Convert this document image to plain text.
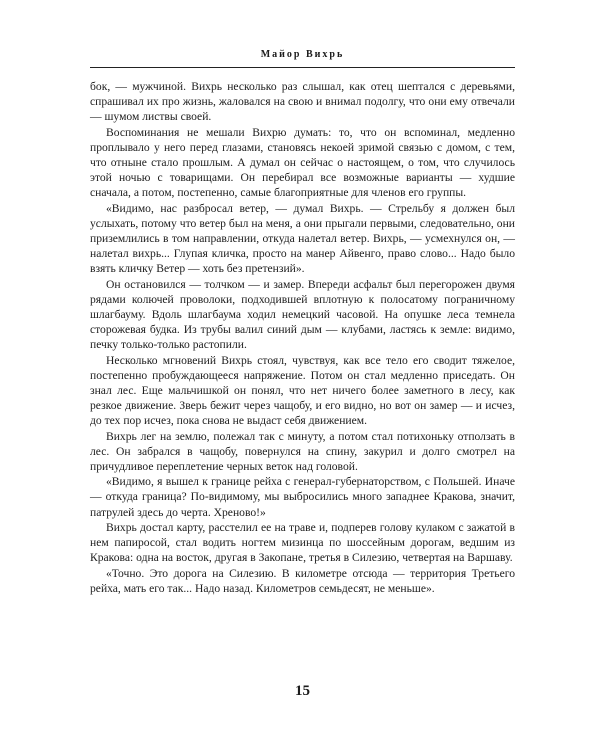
Майор Вихрь

бок, — мужчиной. Вихрь несколько раз слышал, как отец шептался с деревьями, спрашивал их про жизнь, жаловался на свою и внимал подолгу, что они ему отвечали — шумом листвы своей.

Воспоминания не мешали Вихрю думать: то, что он вспоминал, медленно проплывало у него перед глазами, становясь некоей зримой связью с домом, с тем, что отныне стало прошлым. А думал он сейчас о настоящем, о том, что случилось этой ночью с товарищами. Он перебирал все возможные варианты — худшие сначала, а потом, постепенно, самые благоприятные для членов его группы.

«Видимо, нас разбросал ветер, — думал Вихрь. — Стрельбу я должен был услыхать, потому что ветер был на меня, а они прыгали первыми, следовательно, они приземлились в том направлении, откуда налетал ветер. Вихрь, — усмехнулся он, — налетал вихрь... Глупая кличка, просто на манер Айвенго, право слово... Надо было взять кличку Ветер — хоть без претензий».

Он остановился — толчком — и замер. Впереди асфальт был перегорожен двумя рядами колючей проволоки, подходившей вплотную к полосатому пограничному шлагбауму. Вдоль шлагбаума ходил немецкий часовой. На опушке леса темнела сторожевая будка. Из трубы валил синий дым — клубами, ластясь к земле: видимо, печку только-только растопили.

Несколько мгновений Вихрь стоял, чувствуя, как все тело его сводит тяжелое, постепенно пробуждающееся напряжение. Потом он стал медленно приседать. Он знал лес. Еще мальчишкой он понял, что нет ничего более заметного в лесу, как резкое движение. Зверь бежит через чащобу, и его видно, но вот он замер — и исчез, до тех пор исчез, пока снова не выдаст себя движением.

Вихрь лег на землю, полежал так с минуту, а потом стал потихоньку отползать в лес. Он забрался в чащобу, повернулся на спину, закурил и долго смотрел на причудливое переплетение черных веток над головой.

«Видимо, я вышел к границе рейха с генерал-губернаторством, с Польшей. Иначе — откуда граница? По-видимому, мы выбросились много западнее Кракова, значит, патрулей здесь до черта. Хреново!»

Вихрь достал карту, расстелил ее на траве и, подперев голову кулаком с зажатой в нем папиросой, стал водить ногтем мизинца по шоссейным дорогам, ведшим из Кракова: одна на восток, другая в Закопане, третья в Силезию, четвертая на Варшаву.

«Точно. Это дорога на Силезию. В километре отсюда — территория Третьего рейха, мать его так... Надо назад. Километров семьдесят, не меньше».

15
